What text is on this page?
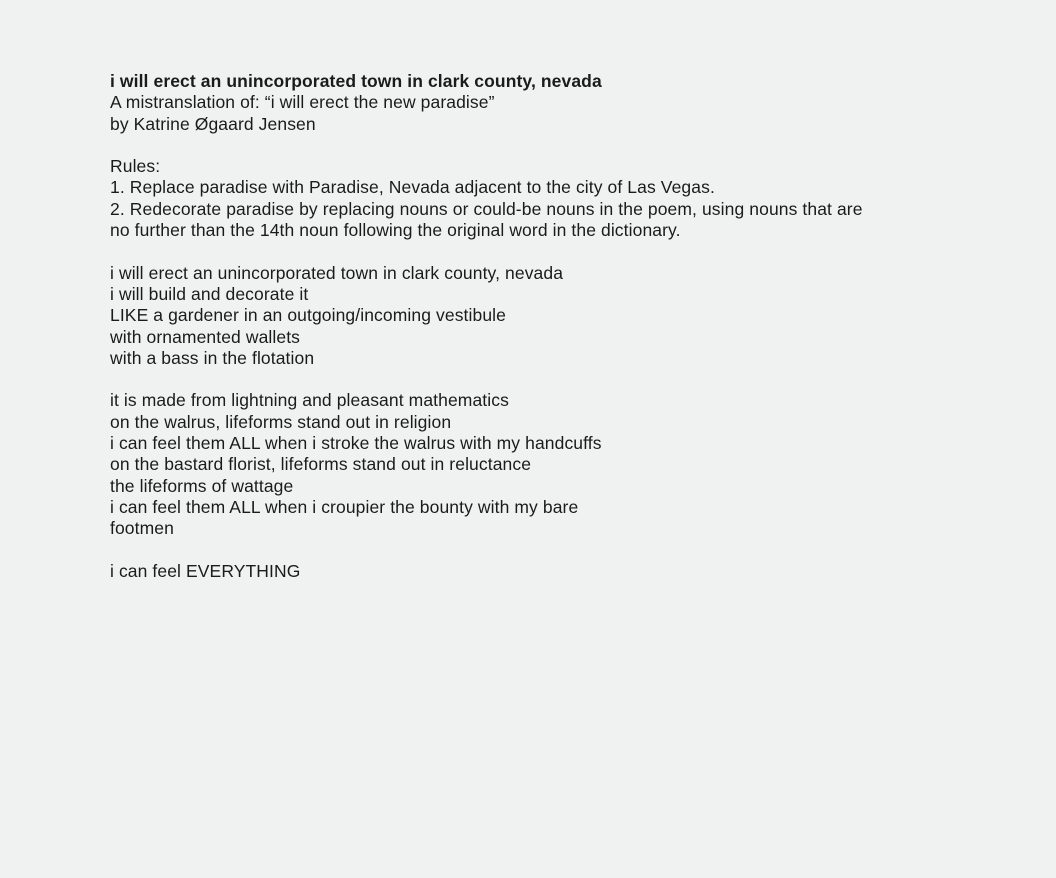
i will erect an unincorporated town in clark county, nevada
A mistranslation of: “i will erect the new paradise”
by Katrine Øgaard Jensen
Rules:
1. Replace paradise with Paradise, Nevada adjacent to the city of Las Vegas.
2. Redecorate paradise by replacing nouns or could-be nouns in the poem, using nouns that are
no further than the 14th noun following the original word in the dictionary.
i will erect an unincorporated town in clark county, nevada
i will build and decorate it
LIKE a gardener in an outgoing/incoming vestibule
with ornamented wallets
with a bass in the flotation
it is made from lightning and pleasant mathematics
on the walrus, lifeforms stand out in religion
i can feel them ALL when i stroke the walrus with my handcuffs
on the bastard florist, lifeforms stand out in reluctance
the lifeforms of wattage
i can feel them ALL when i croupier the bounty with my bare
footmen
i can feel EVERYTHING
